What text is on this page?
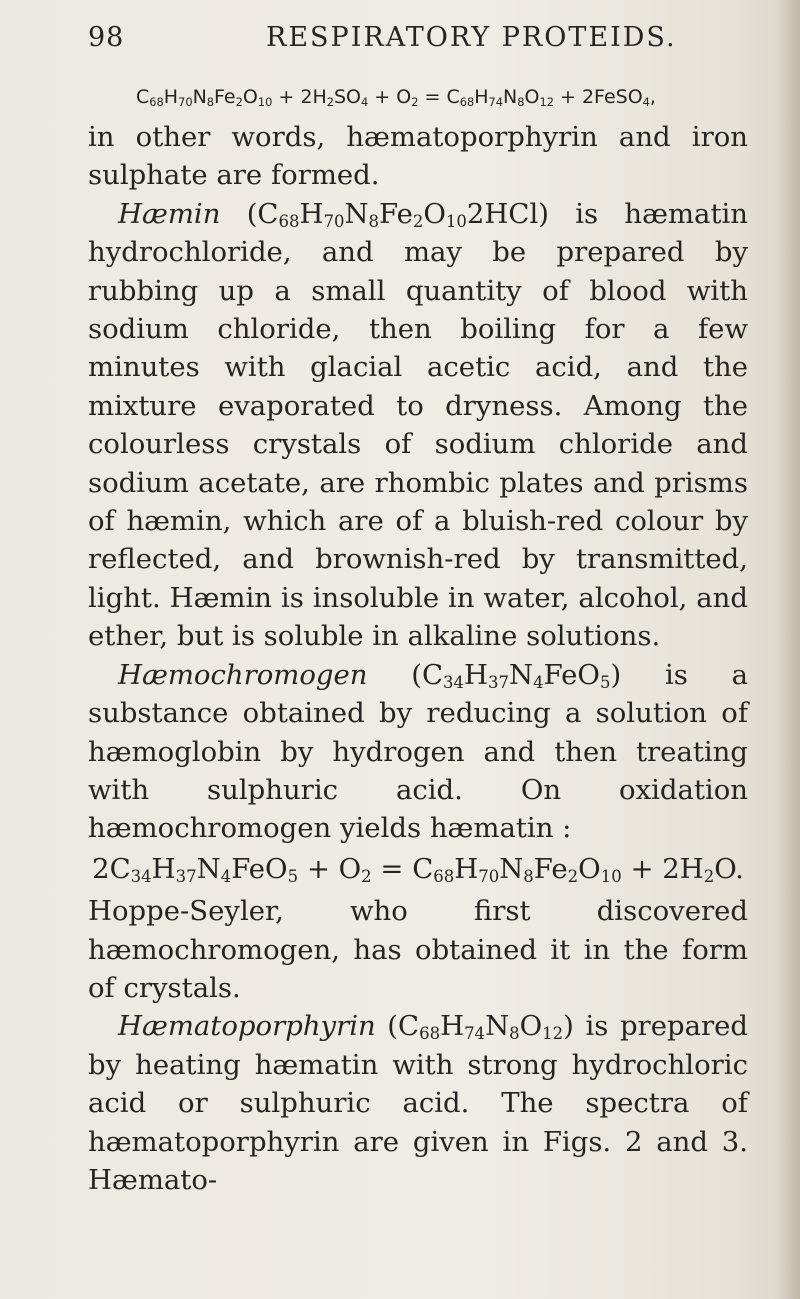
98	RESPIRATORY PROTEIDS.
$C_{68}H_{70}N_8Fe_2O_{10} + 2H_2SO_4 + O_2 = C_{68}H_{74}N_8O_{12}$ + 2FeSO$_4$,

in other words, hæmatoporphyrin and iron sulphate are formed.

Hæmin $(C_{68}H_{70}N_8Fe_2O_{10}2HCl)$ is hæmatin hydrochloride, and may be prepared by rubbing up a small quantity of blood with sodium chloride, then boiling for a few minutes with glacial acetic acid, and the mixture evaporated to dryness. Among the colourless crystals of sodium chloride and sodium acetate, are rhombic plates and prisms of hæmin, which are of a bluish-red colour by reflected, and brownish-red by transmitted, light. Hæmin is insoluble in water, alcohol, and ether, but is soluble in alkaline solutions.

Hæmochromogen $(C_{34}H_{37}N_4FeO_5)$ is a substance obtained by reducing a solution of hæmoglobin by hydrogen and then treating with sulphuric acid. On oxidation hæmochromogen yields hæmatin :

$2C_{34}H_{37}N_4FeO_5 + O_2 = C_{68}H_{70}N_8Fe_2O_{10} + 2H_2O$.

Hoppe-Seyler, who first discovered hæmochromogen, has obtained it in the form of crystals.

Hæmatoporphyrin $(C_{68}H_{74}N_8O_{12})$ is prepared by heating hæmatin with strong hydrochloric acid or sulphuric acid. The spectra of hæmatoporphyrin are given in Figs. 2 and 3. Hæmato-
